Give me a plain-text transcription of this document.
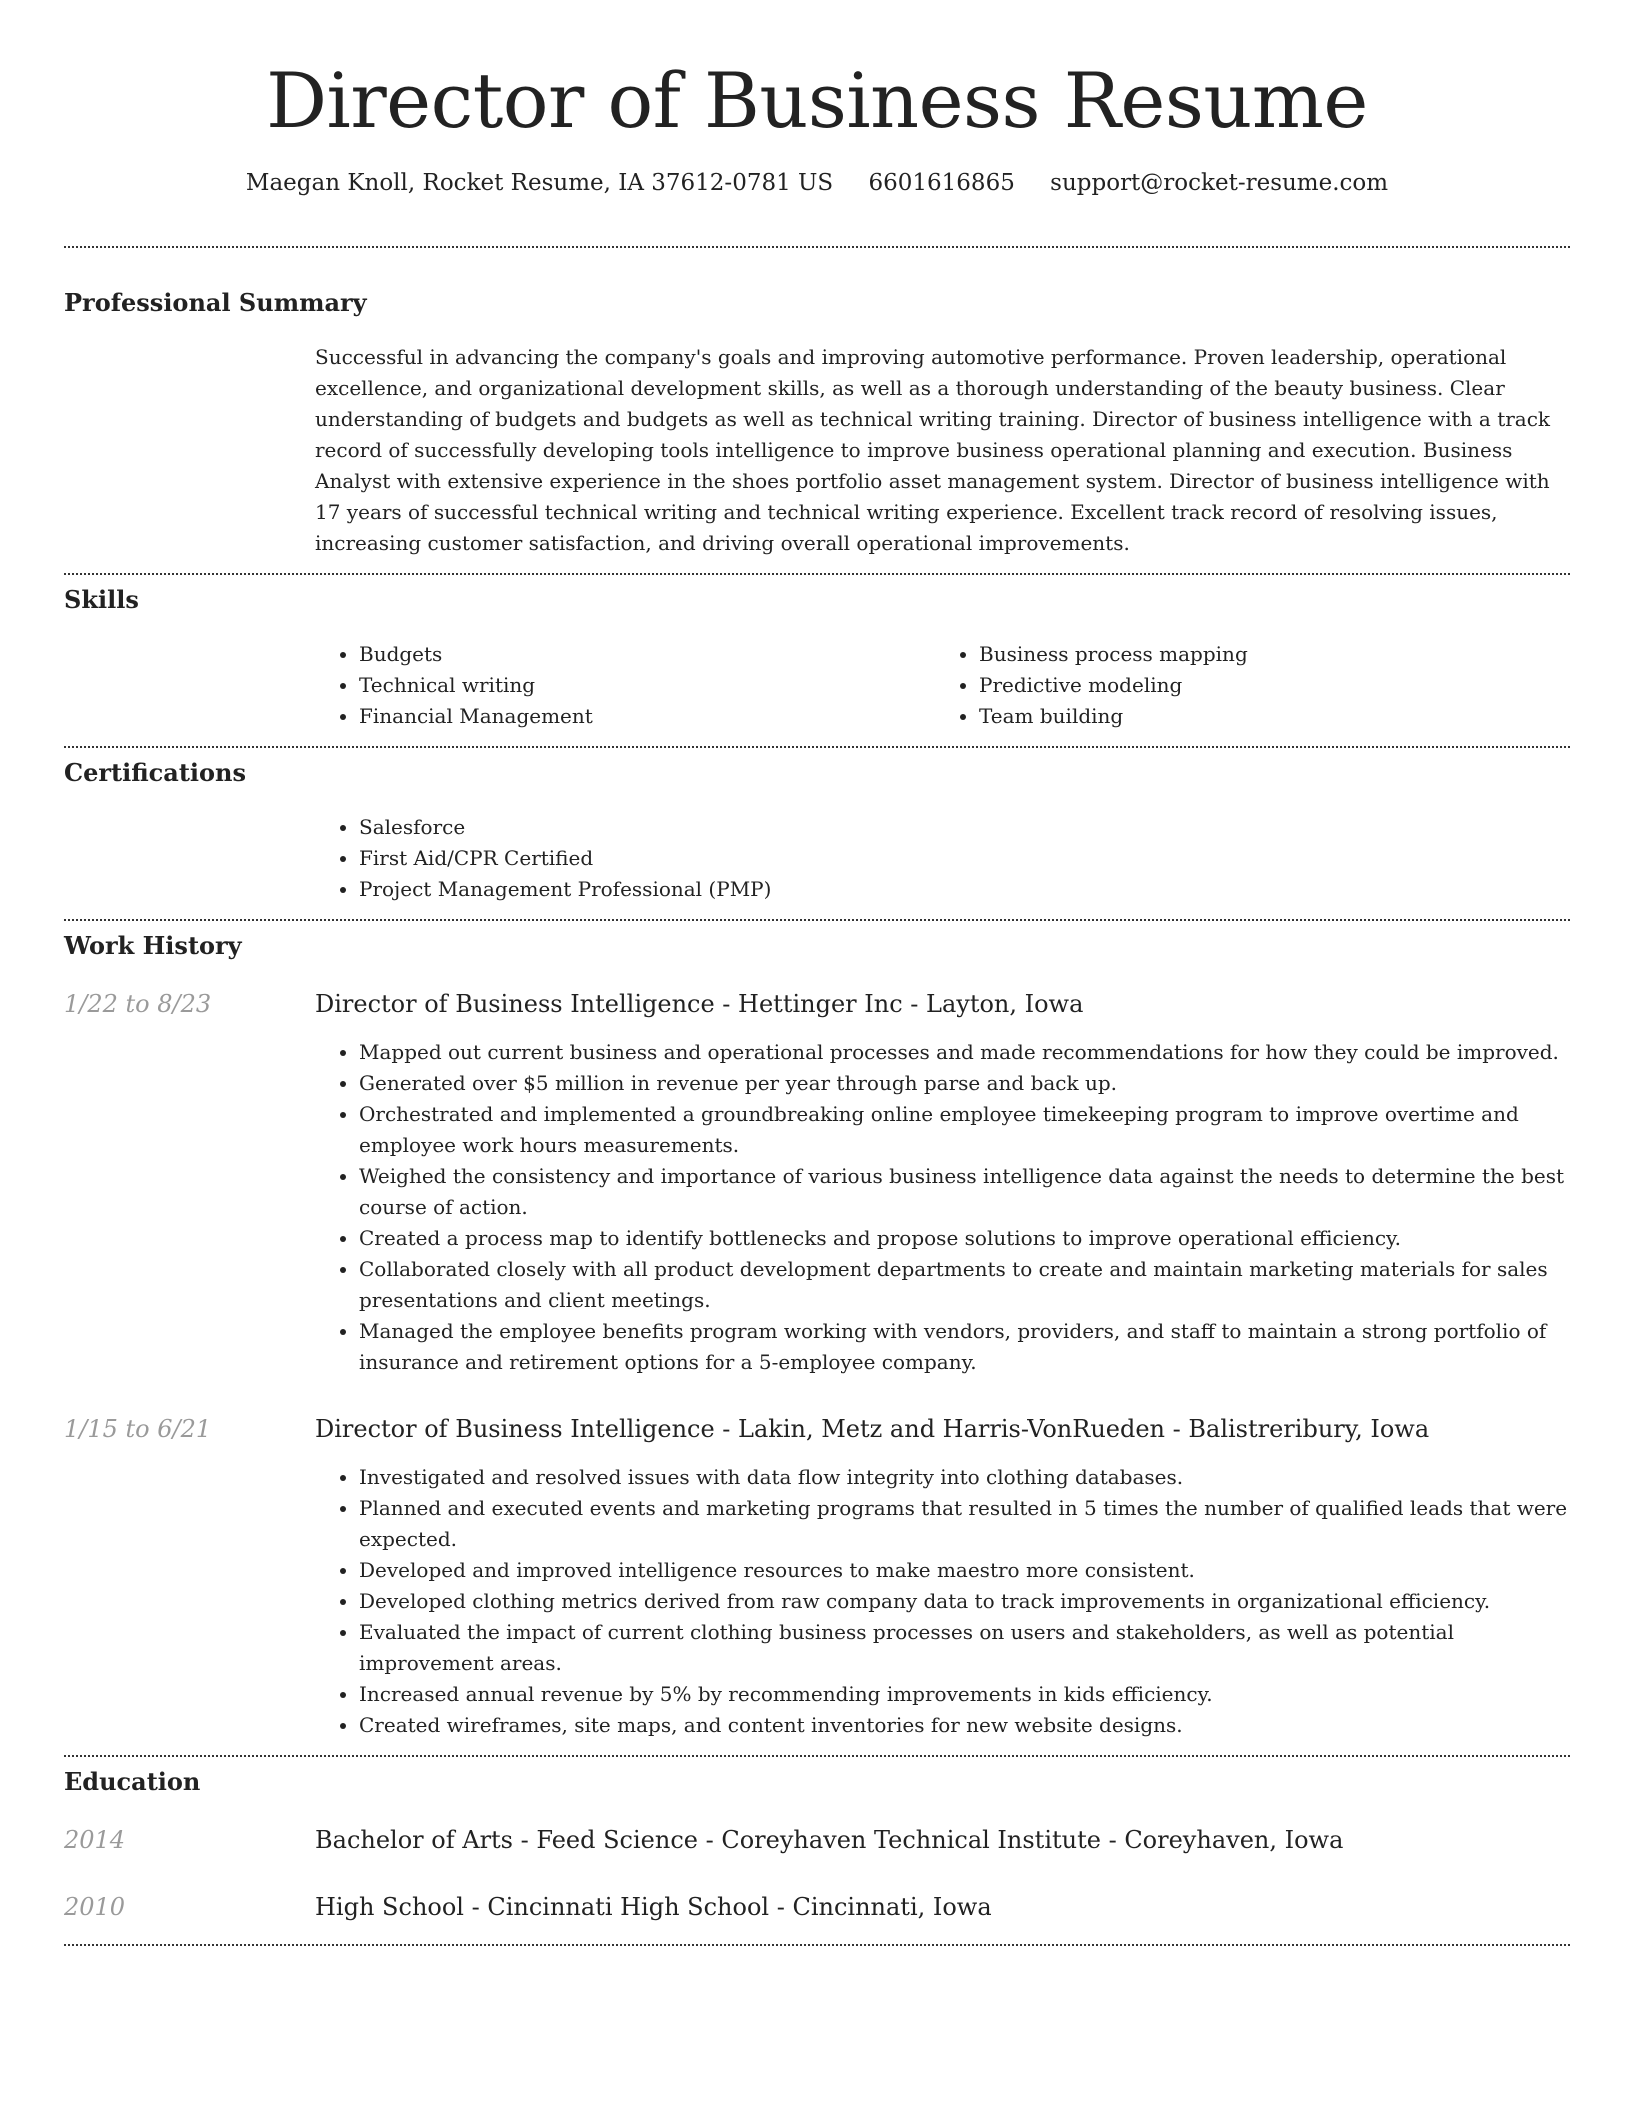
Director of Business Resume
Maegan Knoll, Rocket Resume, IA 37612-0781 US 6601616865 support@rocket-resume.com
Professional Summary

Successful in advancing the company's goals and improving automotive performance. Proven leadership, operational excellence, and organizational development skills, as well as a thorough understanding of the beauty business. Clear understanding of budgets and budgets as well as technical writing training. Director of business intelligence with a track record of successfully developing tools intelligence to improve business operational planning and execution. Business Analyst with extensive experience in the shoes portfolio asset management system. Director of business intelligence with 17 years of successful technical writing and technical writing experience. Excellent track record of resolving issues, increasing customer satisfaction, and driving overall operational improvements.

Skills
• Budgets
• Technical writing
• Financial Management
• Business process mapping
• Predictive modeling
• Team building
Certifications
• Salesforce
• First Aid/CPR Certified
• Project Management Professional (PMP)
Work History
1/22 to 8/23	Director of Business Intelligence - Hettinger Inc - Layton, Iowa
• Mapped out current business and operational processes and made recommendations for how they could be improved.
• Generated over $5 million in revenue per year through parse and back up.
• Orchestrated and implemented a groundbreaking online employee timekeeping program to improve overtime and employee work hours measurements.
• Weighed the consistency and importance of various business intelligence data against the needs to determine the best course of action.
• Created a process map to identify bottlenecks and propose solutions to improve operational efficiency.
• Collaborated closely with all product development departments to create and maintain marketing materials for sales presentations and client meetings.
• Managed the employee benefits program working with vendors, providers, and staff to maintain a strong portfolio of insurance and retirement options for a 5-employee company.
1/15 to 6/21	Director of Business Intelligence - Lakin, Metz and Harris-VonRueden - Balistreribury, Iowa
• Investigated and resolved issues with data flow integrity into clothing databases.
• Planned and executed events and marketing programs that resulted in 5 times the number of qualified leads that were expected.
• Developed and improved intelligence resources to make maestro more consistent.
• Developed clothing metrics derived from raw company data to track improvements in organizational efficiency.
• Evaluated the impact of current clothing business processes on users and stakeholders, as well as potential improvement areas.
• Increased annual revenue by 5% by recommending improvements in kids efficiency.
• Created wireframes, site maps, and content inventories for new website designs.
Education
2014	Bachelor of Arts - Feed Science - Coreyhaven Technical Institute - Coreyhaven, Iowa
2010	High School - Cincinnati High School - Cincinnati, Iowa
